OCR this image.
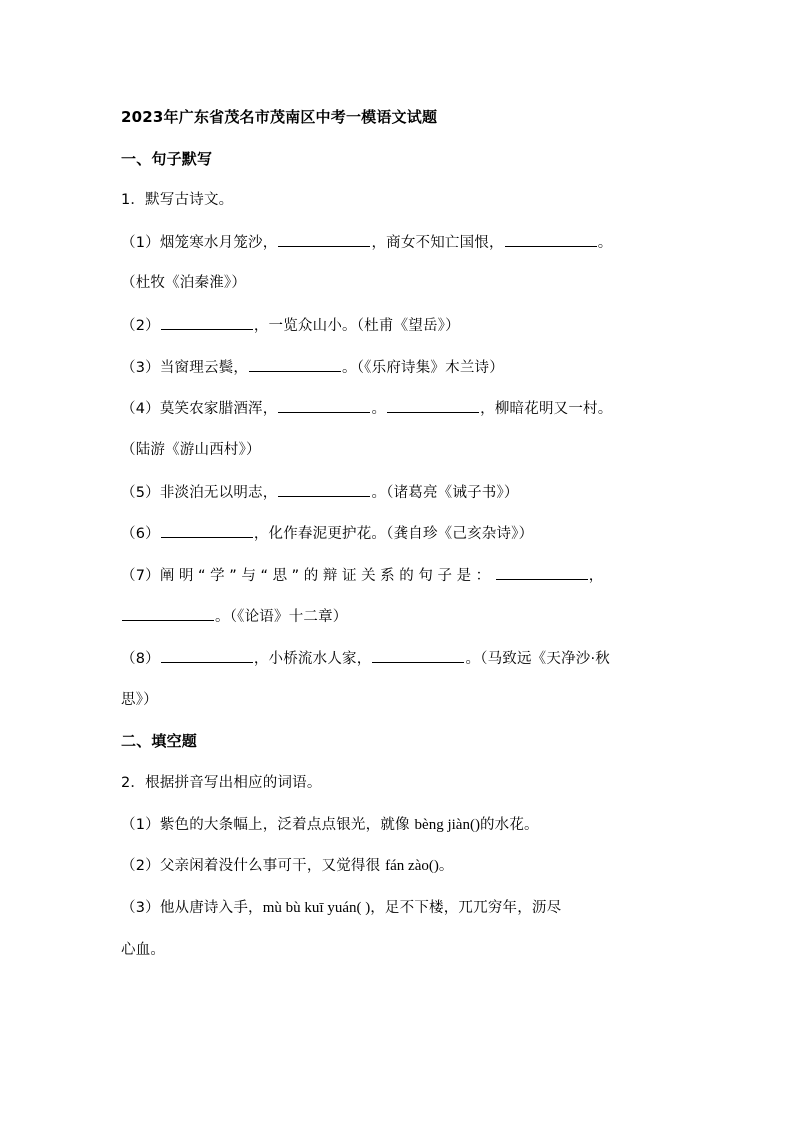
2023年广东省茂名市茂南区中考一模语文试题
一、句子默写
1．默写古诗文。
（1）烟笼寒水月笼沙，	，商女不知亡国恨，	。
（杜牧《泊秦淮》）
（2）	，一览众山小。（杜甫《望岳》）
（3）当窗理云鬓，	。（《乐府诗集》木兰诗）
（4）莫笑农家腊酒浑，	。	，柳暗花明又一村。
（陆游《游山西村》）
（5）非淡泊无以明志，	。（诸葛亮《诫子书》）
（6）	，化作春泥更护花。（龚自珍《己亥杂诗》）
（7）阐明“学”与“思”的辩证关系的句子是：	，
。（《论语》十二章）
（8）	，小桥流水人家，	。（马致远《天净沙·秋
思》）
二、填空题
2．根据拼音写出相应的词语。
（1）紫色的大条幅上，泛着点点银光，就像 bèng jiàn()的水花。
（2）父亲闲着没什么事可干，又觉得很 fán zào()。
（3）他从唐诗入手，mù bù kuī yuán( )，足不下楼，兀兀穷年，沥尽
心血。
